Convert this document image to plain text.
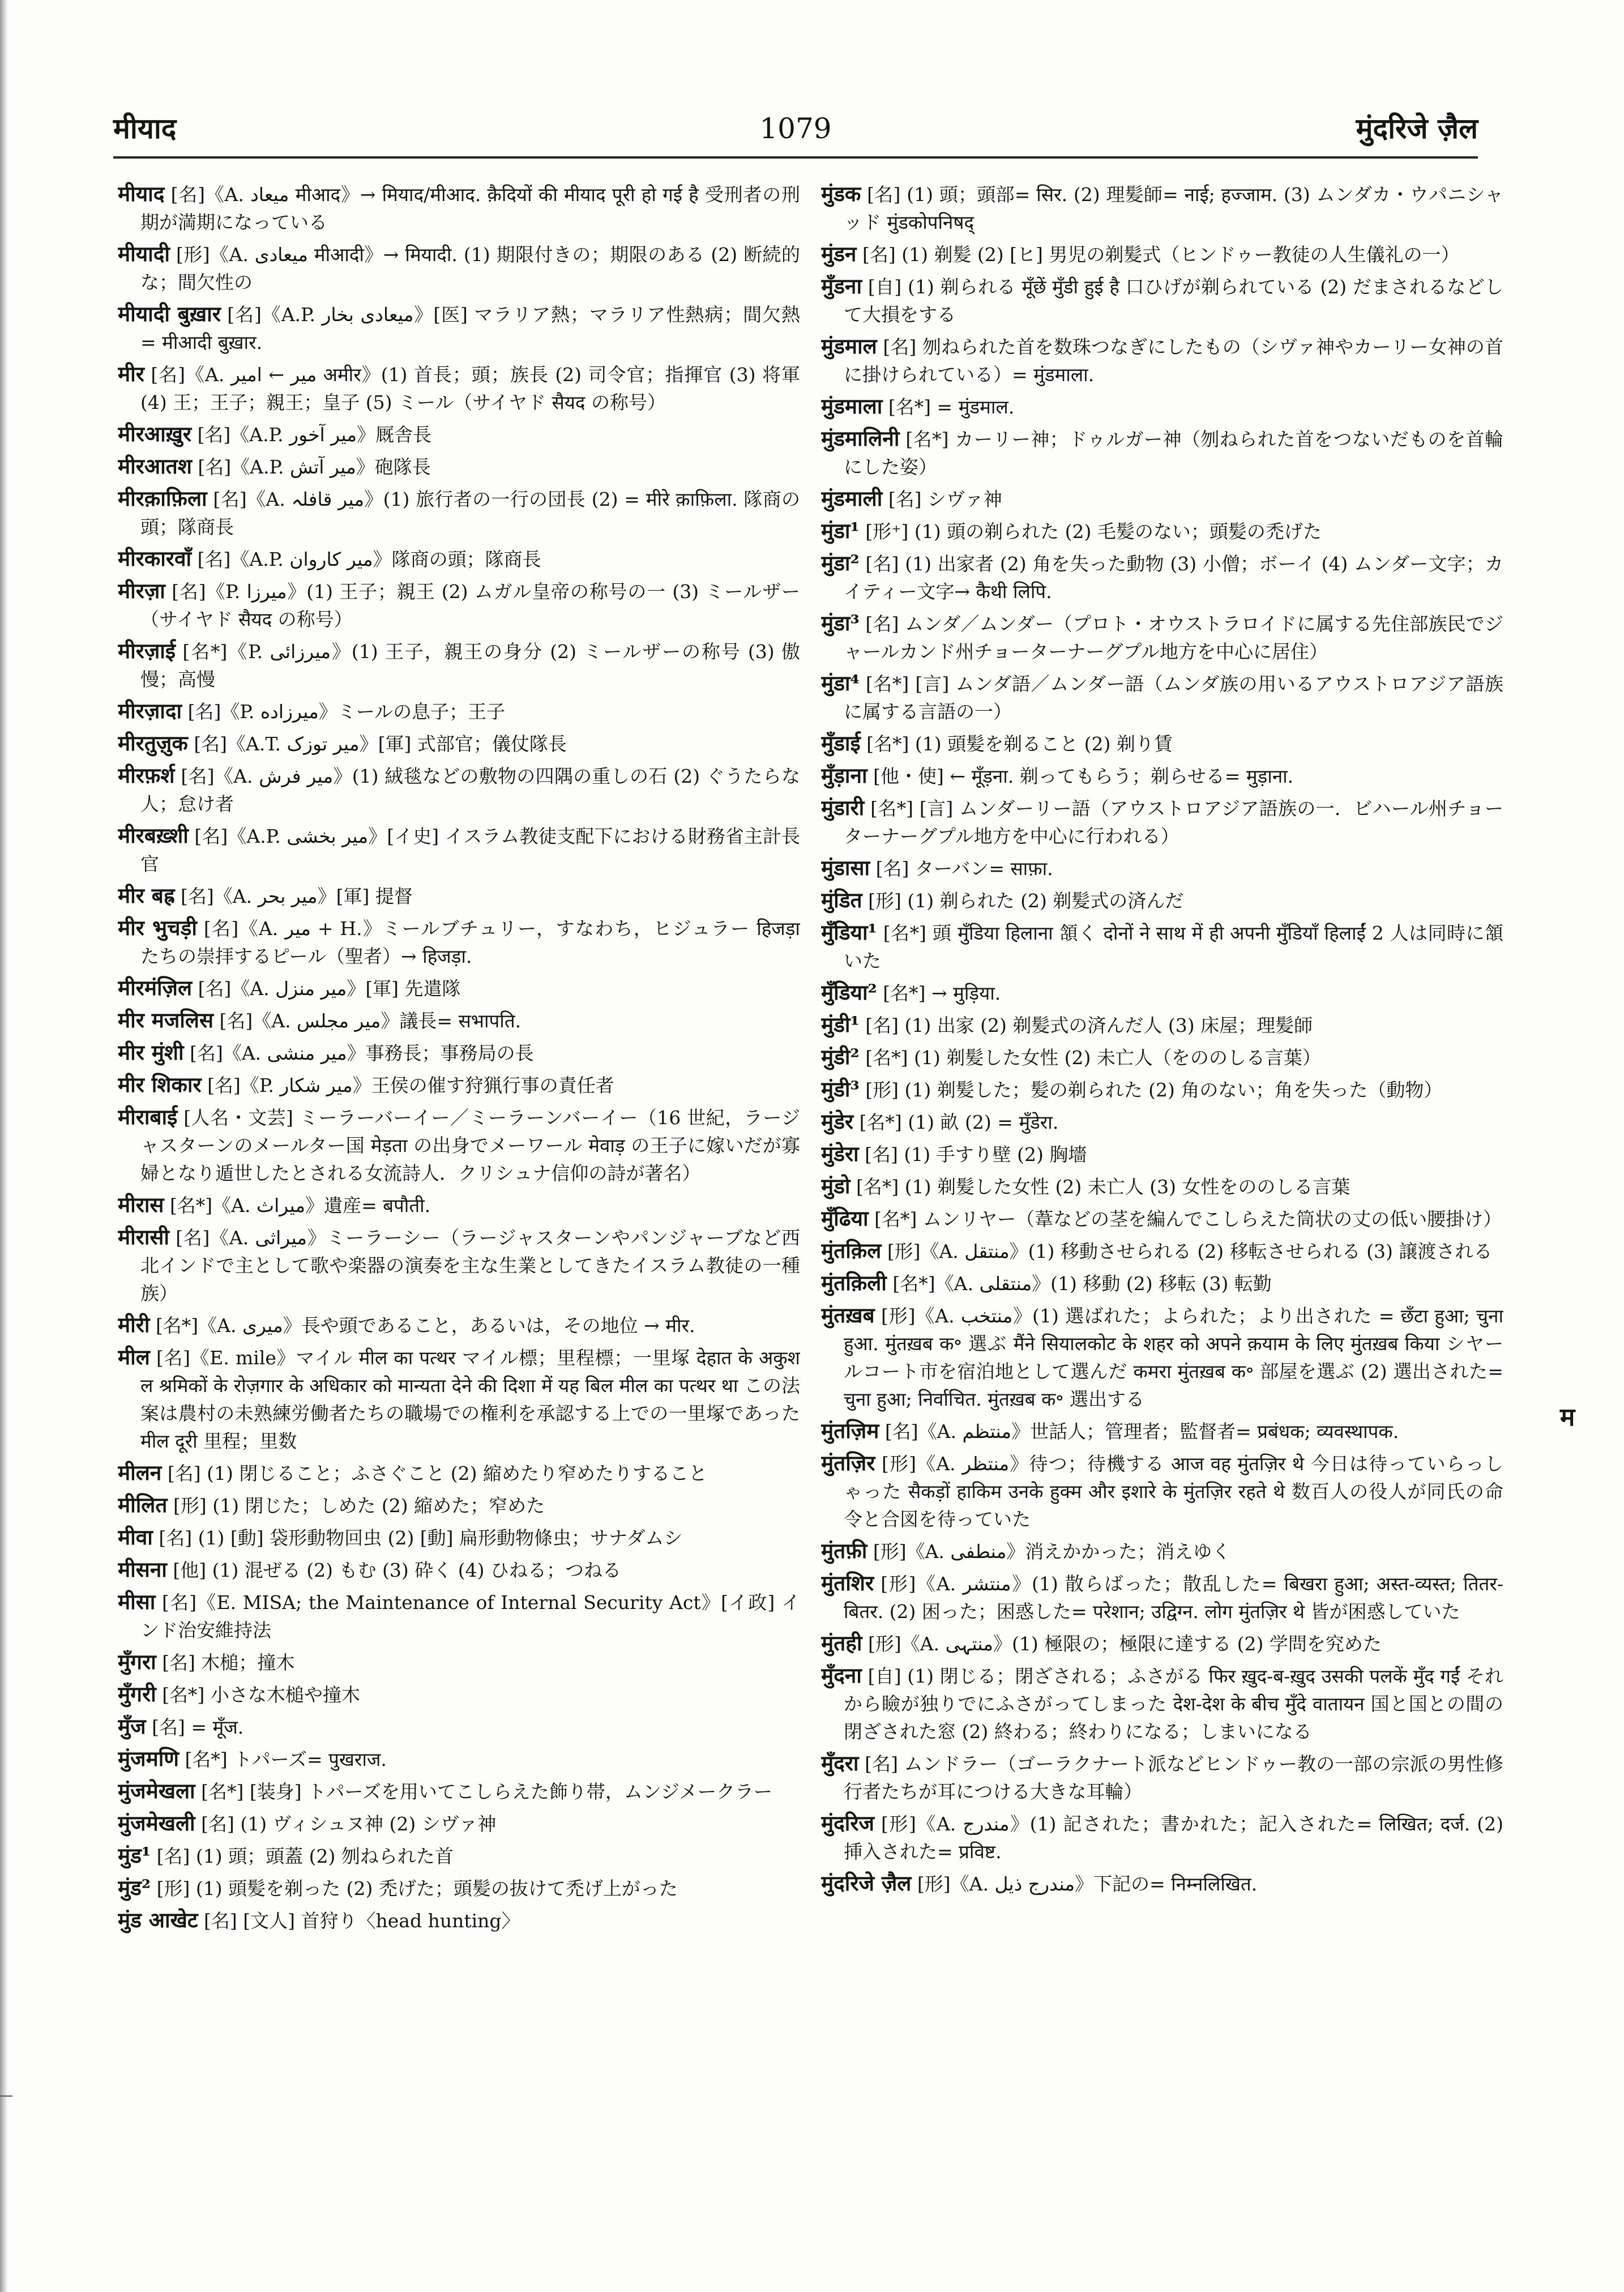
मीयाद	1079	मुंदरिजे ज़ैल

मीयाद [名]《A. میعاد मीआद》→ मियाद/मीआद. क़ैदियों की मीयाद पूरी हो गई है 受刑者の刑期が満期になっている

मीयादी [形]《A. میعادی मीआदी》→ मियादी. (1) 期限付きの；期限のある (2) 断続的な；間欠性の

मीयादी बुख़ार [名]《A.P. میعادی بخار》[医] マラリア熱；マラリア性熱病；間欠熱= मीआदी बुख़ार.

मीर [名]《A. میر ← امیر अमीर》(1) 首長；頭；族長 (2) 司令官；指揮官 (3) 将軍 (4) 王；王子；親王；皇子 (5) ミール（サイヤド सैयद の称号）

मीरआख़ुर [名]《A.P. میر آخور》厩舎長

मीरआतश [名]《A.P. میر آتش》砲隊長

मीरक़ाफ़िला [名]《A. میر قافلہ》(1) 旅行者の一行の団長 (2) = मीरे क़ाफ़िला. 隊商の頭；隊商長

मीरकारवाँ [名]《A.P. میر کاروان》隊商の頭；隊商長

मीरज़ा [名]《P. میرزا》(1) 王子；親王 (2) ムガル皇帝の称号の一 (3) ミールザー（サイヤド सैयद の称号）

मीरज़ाई [名*]《P. میرزائی》(1) 王子，親王の身分 (2) ミールザーの称号 (3) 傲慢；高慢

मीरज़ादा [名]《P. میرزاده》ミールの息子；王子

मीरतुज़ुक [名]《A.T. میر توزک》[軍] 式部官；儀仗隊長

मीरफ़र्श [名]《A. میر فرش》(1) 絨毯などの敷物の四隅の重しの石 (2) ぐうたらな人；怠け者

मीरबख़्शी [名]《A.P. میر بخشی》[イ史] イスラム教徒支配下における財務省主計長官

मीर बह्र [名]《A. میر بحر》[軍] 提督

मीर भुचड़ी [名]《A. میر + H.》ミールブチュリー，すなわち，ヒジュラー हिजड़ा たちの崇拝するピール（聖者）→ हिजड़ा.

मीरमंज़िल [名]《A. میر منزل》[軍] 先遣隊

मीर मजलिस [名]《A. میر مجلس》議長= सभापति.

मीर मुंशी [名]《A. میر منشی》事務長；事務局の長

मीर शिकार [名]《P. میر شکار》王侯の催す狩猟行事の責任者

मीराबाई [人名・文芸] ミーラーバーイー／ミーラーンバーイー（16 世紀，ラージャスターンのメールター国 मेड़ता の出身でメーワール मेवाड़ の王子に嫁いだが寡婦となり遁世したとされる女流詩人．クリシュナ信仰の詩が著名）

मीरास [名*]《A. میراث》遺産= बपौती.

मीरासी [名]《A. میراثی》ミーラーシー（ラージャスターンやパンジャーブなど西北インドで主として歌や楽器の演奏を主な生業としてきたイスラム教徒の一種族）

मीरी [名*]《A. میری》長や頭であること，あるいは，その地位 → मीर.

मील [名]《E. mile》マイル मील का पत्थर マイル標；里程標；一里塚 देहात के अकुशल श्रमिकों के रोज़गार के अधिकार को मान्यता देने की दिशा में यह बिल मील का पत्थर था この法案は農村の未熟練労働者たちの職場での権利を承認する上での一里塚であった मील दूरी 里程；里数

मीलन [名] (1) 閉じること；ふさぐこと (2) 縮めたり窄めたりすること

मीलित [形] (1) 閉じた；しめた (2) 縮めた；窄めた

मीवा [名] (1) [動] 袋形動物回虫 (2) [動] 扁形動物條虫；サナダムシ

मीसना [他] (1) 混ぜる (2) もむ (3) 砕く (4) ひねる；つねる

मीसा [名]《E. MISA; the Maintenance of Internal Security Act》[イ政] インド治安維持法

मुँगरा [名] 木槌；撞木

मुँगरी [名*] 小さな木槌や撞木

मुँज [名] = मूँज.

मुंजमणि [名*] トパーズ= पुखराज.

मुंजमेखला [名*] [装身] トパーズを用いてこしらえた飾り帯，ムンジメークラー

मुंजमेखली [名] (1) ヴィシュヌ神 (2) シヴァ神

मुंड¹ [名] (1) 頭；頭蓋 (2) 刎ねられた首

मुंड² [形] (1) 頭髪を剃った (2) 禿げた；頭髪の抜けて禿げ上がった

मुंड आखेट [名] [文人] 首狩り〈head hunting〉

मुंडक [名] (1) 頭；頭部= सिर. (2) 理髪師= नाई; हज्जाम. (3) ムンダカ・ウパニシャッド मुंडकोपनिषद्

मुंडन [名] (1) 剃髪 (2) [ヒ] 男児の剃髪式（ヒンドゥー教徒の人生儀礼の一）

मुँडना [自] (1) 剃られる मूँछें मुँडी हुई है 口ひげが剃られている (2) だまされるなどして大損をする

मुंडमाल [名] 刎ねられた首を数珠つなぎにしたもの（シヴァ神やカーリー女神の首に掛けられている）= मुंडमाला.

मुंडमाला [名*] = मुंडमाल.

मुंडमालिनी [名*] カーリー神；ドゥルガー神（刎ねられた首をつないだものを首輪にした姿）

मुंडमाली [名] シヴァ神

मुंडा¹ [形⁺] (1) 頭の剃られた (2) 毛髪のない；頭髪の禿げた

मुंडा² [名] (1) 出家者 (2) 角を失った動物 (3) 小僧；ボーイ (4) ムンダー文字；カイティー文字→ कैथी लिपि.

मुंडा³ [名] ムンダ／ムンダー（プロト・オウストラロイドに属する先住部族民でジャールカンド州チョーターナーグプル地方を中心に居住）

मुंडा⁴ [名*] [言] ムンダ語／ムンダー語（ムンダ族の用いるアウストロアジア語族に属する言語の一）

मुँडाई [名*] (1) 頭髪を剃ること (2) 剃り賃

मुँड़ाना [他・使] ← मूँड़ना. 剃ってもらう；剃らせる= मुड़ाना.

मुंडारी [名*] [言] ムンダーリー語（アウストロアジア語族の一．ビハール州チョーターナーグプル地方を中心に行われる）

मुंडासा [名] ターバン= साफ़ा.

मुंडित [形] (1) 剃られた (2) 剃髪式の済んだ

मुँडिया¹ [名*] 頭 मुँडिया हिलाना 頷く दोनों ने साथ में ही अपनी मुँडियाँ हिलाईं 2 人は同時に頷いた

मुँडिया² [名*] → मुड़िया.

मुंडी¹ [名] (1) 出家 (2) 剃髪式の済んだ人 (3) 床屋；理髪師

मुंडी² [名*] (1) 剃髪した女性 (2) 未亡人（をののしる言葉）

मुंडी³ [形] (1) 剃髪した；髪の剃られた (2) 角のない；角を失った（動物）

मुंडेर [名*] (1) 畝 (2) = मुँडेरा.

मुंडेरा [名] (1) 手すり壁 (2) 胸墻

मुंडो [名*] (1) 剃髪した女性 (2) 未亡人 (3) 女性をののしる言葉

मुँढिया [名*] ムンリヤー（葦などの茎を編んでこしらえた筒状の丈の低い腰掛け）

मुंतक़िल [形]《A. منتقل》(1) 移動させられる (2) 移転させられる (3) 譲渡される

मुंतक़िली [名*]《A. منتقلی》(1) 移動 (2) 移転 (3) 転勤

मुंतख़ब [形]《A. منتخب》(1) 選ばれた；よられた；より出された = छँटा हुआ; चुना हुआ. मुंतख़ब क॰ 選ぶ मैंने सियालकोट के शहर को अपने क़याम के लिए मुंतख़ब किया シヤールコート市を宿泊地として選んだ कमरा मुंतख़ब क॰ 部屋を選ぶ (2) 選出された= चुना हुआ; निर्वाचित. मुंतख़ब क॰ 選出する

मुंतज़िम [名]《A. منتظم》世話人；管理者；監督者= प्रबंधक; व्यवस्थापक.

मुंतज़िर [形]《A. منتظر》待つ；待機する आज वह मुंतज़िर थे 今日は待っていらっしゃった सैकड़ों हाकिम उनके हुक्म और इशारे के मुंतज़िर रहते थे 数百人の役人が同氏の命令と合図を待っていた

मुंतफ़ी [形]《A. منطفی》消えかかった；消えゆく

मुंतशिर [形]《A. منتشر》(1) 散らばった；散乱した= बिखरा हुआ; अस्त-व्यस्त; तितर-बितर. (2) 困った；困惑した= परेशान; उद्विग्न. लोग मुंतज़िर थे 皆が困惑していた

मुंतही [形]《A. منتہی》(1) 極限の；極限に達する (2) 学問を究めた

मुँदना [自] (1) 閉じる；閉ざされる；ふさがる फिर ख़ुद-ब-ख़ुद उसकी पलकें मुँद गईं それから瞼が独りでにふさがってしまった देश-देश के बीच मुँदे वातायन 国と国との間の閉ざされた窓 (2) 終わる；終わりになる；しまいになる

मुँदरा [名] ムンドラー（ゴーラクナート派などヒンドゥー教の一部の宗派の男性修行者たちが耳につける大きな耳輪）

मुंदरिज [形]《A. مندرج》(1) 記された；書かれた；記入された= लिखित; दर्ज. (2) 挿入された= प्रविष्ट.

मुंदरिजे ज़ैल [形]《A. مندرج ذیل》下記の= निम्नलिखित.

म
